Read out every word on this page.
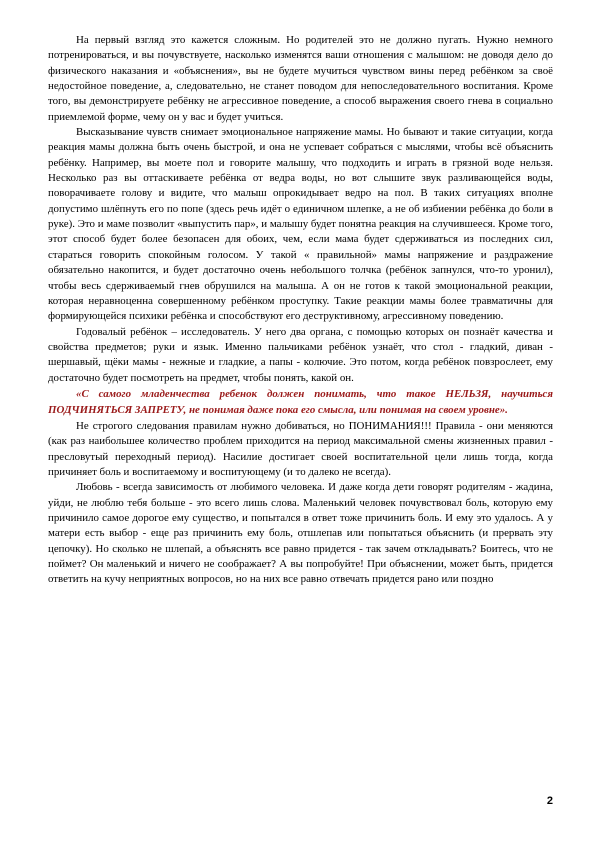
На первый взгляд это кажется сложным. Но родителей это не должно пугать. Нужно немного потренироваться, и вы почувствуете, насколько изменятся ваши отношения с малышом: не доводя дело до физического наказания и «объяснения», вы не будете мучиться чувством вины перед ребёнком за своё недостойное поведение, а, следовательно, не станет поводом для непоследовательного воспитания. Кроме того, вы демонстрируете ребёнку не агрессивное поведение, а способ выражения своего гнева в социально приемлемой форме, чему он у вас и будет учиться.

Высказывание чувств снимает эмоциональное напряжение мамы. Но бывают и такие ситуации, когда реакция мамы должна быть очень быстрой, и она не успевает собраться с мыслями, чтобы всё объяснить ребёнку. Например, вы моете пол и говорите малышу, что подходить и играть в грязной воде нельзя. Несколько раз вы оттаскиваете ребёнка от ведра воды, но вот слышите звук разливающейся воды, поворачиваете голову и видите, что малыш опрокидывает ведро на пол. В таких ситуациях вполне допустимо шлёпнуть его по попе (здесь речь идёт о единичном шлепке, а не об избиении ребёнка до боли в руке). Это и маме позволит «выпустить пар», и малышу будет понятна реакция на случившееся. Кроме того, этот способ будет более безопасен для обоих, чем, если мама будет сдерживаться из последних сил, стараться говорить спокойным голосом. У такой « правильной» мамы напряжение и раздражение обязательно накопится, и будет достаточно очень небольшого толчка (ребёнок запнулся, что-то уронил), чтобы весь сдерживаемый гнев обрушился на малыша. А он не готов к такой эмоциональной реакции, которая неравноценна совершенному ребёнком проступку. Такие реакции мамы более травматичны для формирующейся психики ребёнка и способствуют его деструктивному, агрессивному поведению.

Годовалый ребёнок – исследователь. У него два органа, с помощью которых он познаёт качества и свойства предметов; руки и язык. Именно пальчиками ребёнок узнаёт, что стол - гладкий, диван - шершавый, щёки мамы - нежные и гладкие, а папы - колючие. Это потом, когда ребёнок повзрослеет, ему достаточно будет посмотреть на предмет, чтобы понять, какой он.

«С самого младенчества ребенок должен понимать, что такое НЕЛЬЗЯ, научиться ПОДЧИНЯТЬСЯ ЗАПРЕТУ, не понимая даже пока его смысла, или понимая на своем уровне».

Не строгого следования правилам нужно добиваться, но ПОНИМАНИЯ!!! Правила - они меняются (как раз наибольшее количество проблем приходится на период максимальной смены жизненных правил - пресловутый переходный период). Насилие достигает своей воспитательной цели лишь тогда, когда причиняет боль и воспитаемому и воспитующему (и то далеко не всегда).

Любовь - всегда зависимость от любимого человека. И даже когда дети говорят родителям - жадина, уйди, не люблю тебя больше - это всего лишь слова. Маленький человек почувствовал боль, которую ему причинило самое дорогое ему существо, и попытался в ответ тоже причинить боль. И ему это удалось. А у матери есть выбор - еще раз причинить ему боль, отшлепав или попытаться объяснить (и прервать эту цепочку). Но сколько не шлепай, а объяснять все равно придется - так зачем откладывать? Боитесь, что не поймет? Он маленький и ничего не соображает? А вы попробуйте! При объяснении, может быть, придется ответить на кучу неприятных вопросов, но на них все равно отвечать придется рано или поздно

2
